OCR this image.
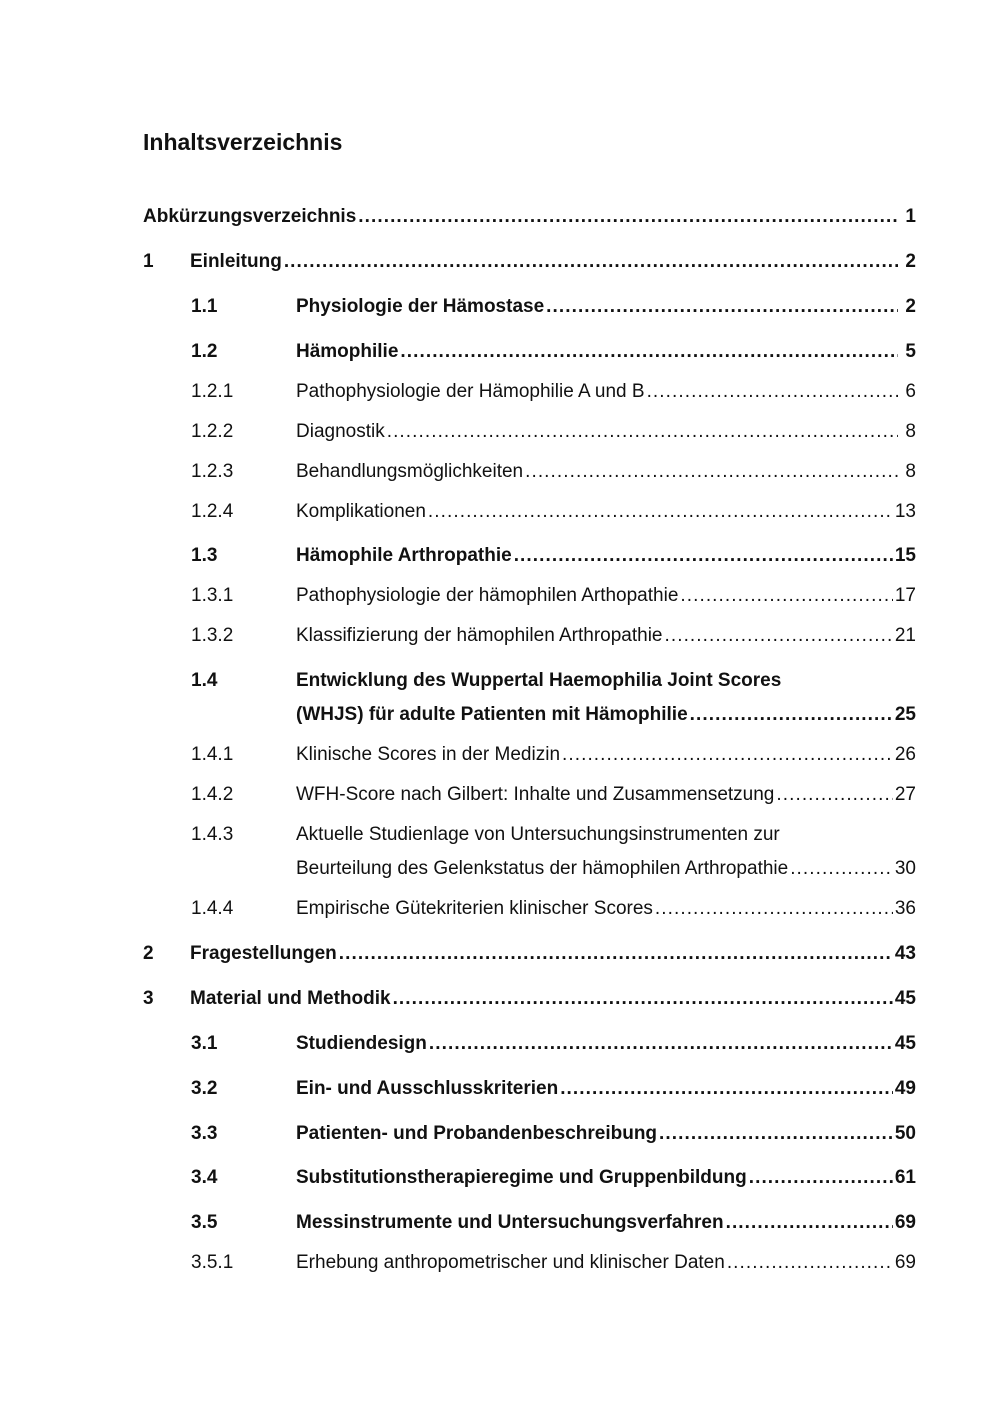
Inhaltsverzeichnis
Abkürzungsverzeichnis . . .	1
1 Einleitung . . .	2
1.1	Physiologie der Hämostase . . .	2
1.2	Hämophilie . . .	5
1.2.1	Pathophysiologie der Hämophilie A und B . . .	6
1.2.2	Diagnostik . . .	8
1.2.3	Behandlungsmöglichkeiten . . .	8
1.2.4	Komplikationen . . .	13
1.3	Hämophile Arthropathie . . .	15
1.3.1	Pathophysiologie der hämophilen Arthopathie . . .	17
1.3.2	Klassifizierung der hämophilen Arthropathie . . .	21
1.4	Entwicklung des Wuppertal Haemophilia Joint Scores
(WHJS) für adulte Patienten mit Hämophilie . . .	25
1.4.1	Klinische Scores in der Medizin . . .	26
1.4.2	WFH-Score nach Gilbert: Inhalte und Zusammensetzung . . .	27
1.4.3	Aktuelle Studienlage von Untersuchungsinstrumenten zur
Beurteilung des Gelenkstatus der hämophilen Arthropathie . . .	30
1.4.4	Empirische Gütekriterien klinischer Scores . . .	36
2 Fragestellungen . . .	43
3 Material und Methodik . . .	45
3.1	Studiendesign . . .	45
3.2	Ein- und Ausschlusskriterien . . .	49
3.3	Patienten- und Probandenbeschreibung . . .	50
3.4	Substitutionstherapieregime und Gruppenbildung . . .	61
3.5	Messinstrumente und Untersuchungsverfahren . . .	69
3.5.1	Erhebung anthropometrischer und klinischer Daten . . .	69
